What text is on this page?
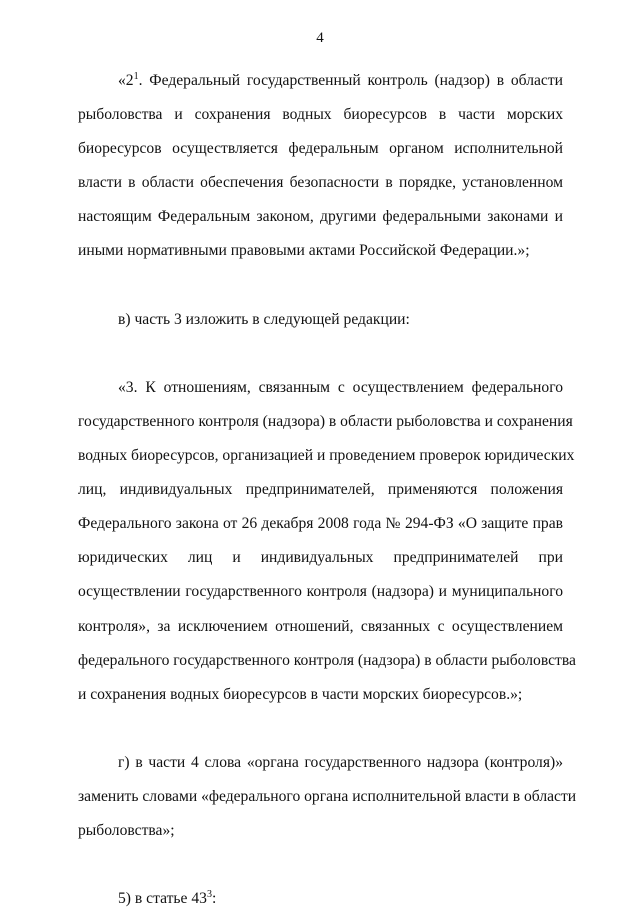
4
«$2^1$. Федеральный государственный контроль (надзор) в области
рыболовства и сохранения водных биоресурсов в части морских
биоресурсов осуществляется федеральным органом исполнительной
власти в области обеспечения безопасности в порядке, установленном
настоящим Федеральным законом, другими федеральными законами и
иными нормативными правовыми актами Российской Федерации.»;
в) часть 3 изложить в следующей редакции:
«3. К отношениям, связанным с осуществлением федерального
государственного контроля (надзора) в области рыболовства и сохранения
водных биоресурсов, организацией и проведением проверок юридических
лиц, индивидуальных предпринимателей, применяются положения
Федерального закона от 26 декабря 2008 года № 294-ФЗ «О защите прав
юридических лиц и индивидуальных предпринимателей при
осуществлении государственного контроля (надзора) и муниципального
контроля», за исключением отношений, связанных с осуществлением
федерального государственного контроля (надзора) в области рыболовства
и сохранения водных биоресурсов в части морских биоресурсов.»;
г) в части 4 слова «органа государственного надзора (контроля)»
заменить словами «федерального органа исполнительной власти в области
рыболовства»;
5) в статье $43^3$:
